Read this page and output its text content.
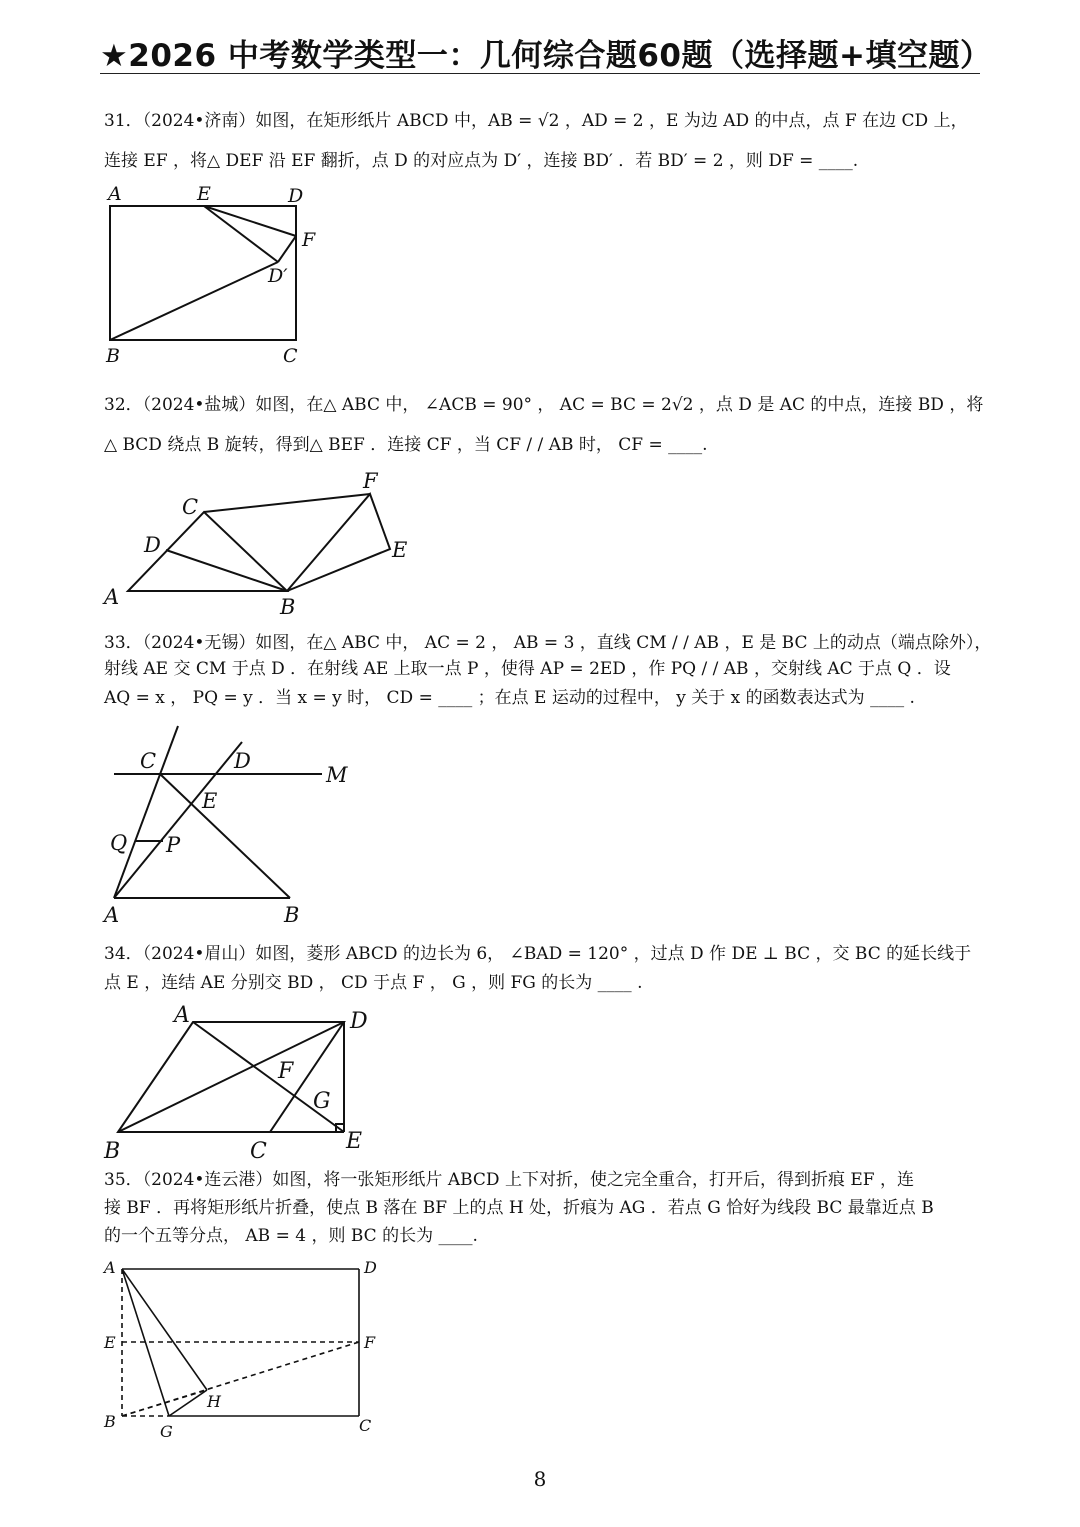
★2026 中考数学类型一：几何综合题60题（选择题+填空题）
31．（2024•济南）如图，在矩形纸片 ABCD 中，AB = √2 ，AD = 2 ，E 为边 AD 的中点，点 F 在边 CD 上，
连接 EF ，将△ DEF 沿 EF 翻折，点 D 的对应点为 D′ ，连接 BD′ ．若 BD′ = 2 ，则 DF = ____.
A	E	D
F
D′
B	C
32．（2024•盐城）如图，在△ ABC 中， ∠ACB = 90° ， AC = BC = 2√2 ，点 D 是 AC 的中点，连接 BD ，将
△ BCD 绕点 B 旋转，得到△ BEF ．连接 CF ，当 CF / / AB 时， CF = ____.
C
F
D	E
A	B
33．（2024•无锡）如图，在△ ABC 中， AC = 2 ， AB = 3 ，直线 CM / / AB ，E 是 BC 上的动点（端点除外），
射线 AE 交 CM 于点 D ．在射线 AE 上取一点 P ，使得 AP = 2ED ，作 PQ / / AB ，交射线 AC 于点 Q ．设
AQ = x ， PQ = y ．当 x = y 时， CD = ____ ；在点 E 运动的过程中， y 关于 x 的函数表达式为 ____ .
C	D
M
E
Q P
A	B
34．（2024•眉山）如图，菱形 ABCD 的边长为 6， ∠BAD = 120° ，过点 D 作 DE ⊥ BC ，交 BC 的延长线于
点 E ，连结 AE 分别交 BD ， CD 于点 F ， G ，则 FG 的长为 ____ .
A	D
F
G
B	C	E
35．（2024•连云港）如图，将一张矩形纸片 ABCD 上下对折，使之完全重合，打开后，得到折痕 EF ，连
接 BF ．再将矩形纸片折叠，使点 B 落在 BF 上的点 H 处，折痕为 AG ．若点 G 恰好为线段 BC 最靠近点 B
的一个五等分点， AB = 4 ，则 BC 的长为 ____.
A	D
E	F
H
B
G	C
8
